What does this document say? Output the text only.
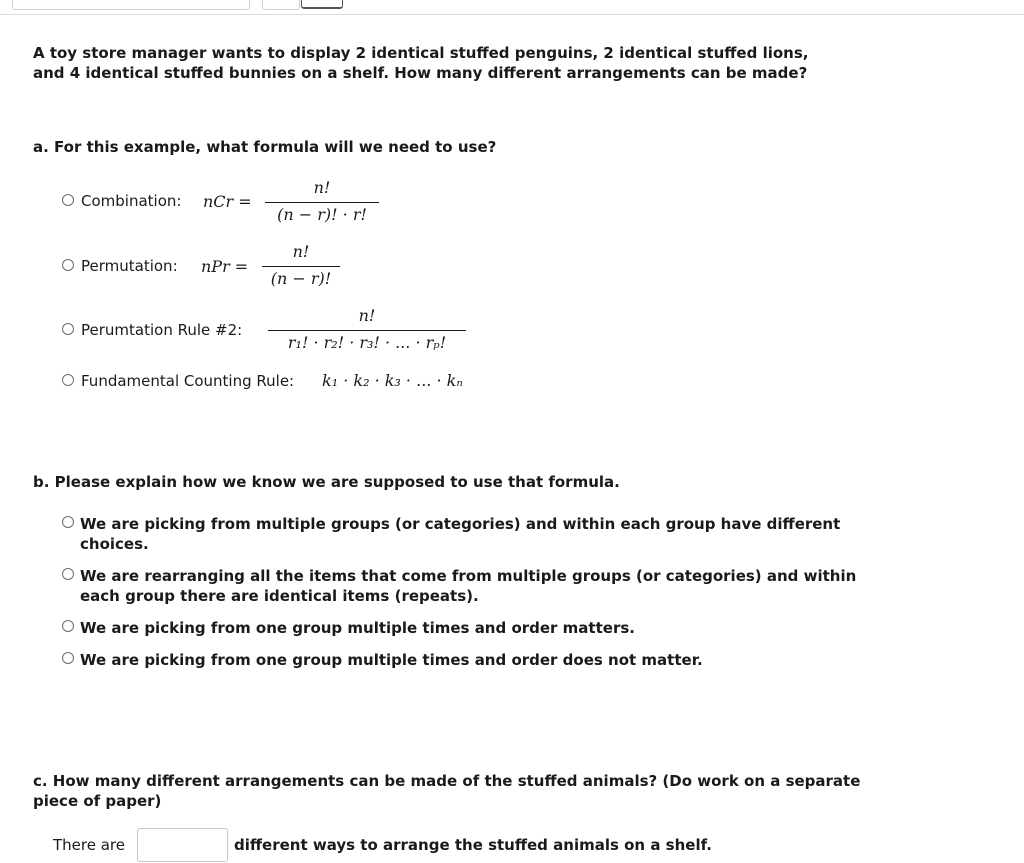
A toy store manager wants to display 2 identical stuffed penguins, 2 identical stuffed lions, and 4 identical stuffed bunnies on a shelf. How many different arrangements can be made?
a. For this example, what formula will we need to use?
Combination: nCr =
n!
(n − r)! · r!
Permutation: nPr =
n!
(n − r)!
Perumtation Rule #2:
n!
r₁! · r₂! · r₃! · ... · rₚ!
Fundamental Counting Rule: k₁ · k₂ · k₃ · ... · kₙ
b. Please explain how we know we are supposed to use that formula.
We are picking from multiple groups (or categories) and within each group have different choices.
We are rearranging all the items that come from multiple groups (or categories) and within each group there are identical items (repeats).
We are picking from one group multiple times and order matters.
We are picking from one group multiple times and order does not matter.
c. How many different arrangements can be made of the stuffed animals? (Do work on a separate piece of paper)
There are	different ways to arrange the stuffed animals on a shelf.
